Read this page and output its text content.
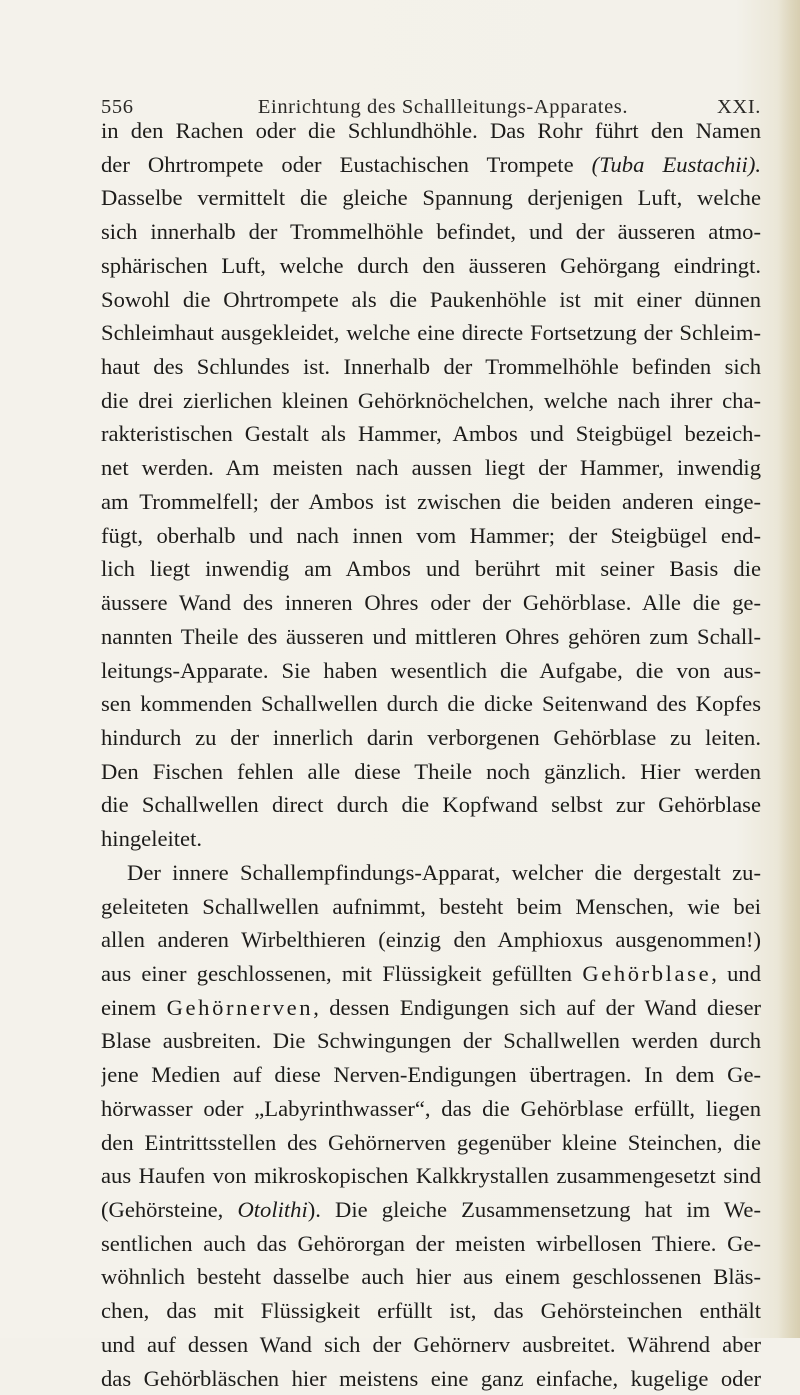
556	Einrichtung des Schallleitungs-Apparates.	XXI.
in den Rachen oder die Schlundhöhle. Das Rohr führt den Namen
der Ohrtrompete oder Eustachischen Trompete (Tuba Eustachii).
Dasselbe vermittelt die gleiche Spannung derjenigen Luft, welche
sich innerhalb der Trommelhöhle befindet, und der äusseren atmo-
sphärischen Luft, welche durch den äusseren Gehörgang eindringt.
Sowohl die Ohrtrompete als die Paukenhöhle ist mit einer dünnen
Schleimhaut ausgekleidet, welche eine directe Fortsetzung der Schleim-
haut des Schlundes ist. Innerhalb der Trommelhöhle befinden sich
die drei zierlichen kleinen Gehörknöchelchen, welche nach ihrer cha-
rakteristischen Gestalt als Hammer, Ambos und Steigbügel bezeich-
net werden. Am meisten nach aussen liegt der Hammer, inwendig
am Trommelfell; der Ambos ist zwischen die beiden anderen einge-
fügt, oberhalb und nach innen vom Hammer; der Steigbügel end-
lich liegt inwendig am Ambos und berührt mit seiner Basis die
äussere Wand des inneren Ohres oder der Gehörblase. Alle die ge-
nannten Theile des äusseren und mittleren Ohres gehören zum Schall-
leitungs-Apparate. Sie haben wesentlich die Aufgabe, die von aus-
sen kommenden Schallwellen durch die dicke Seitenwand des Kopfes
hindurch zu der innerlich darin verborgenen Gehörblase zu leiten.
Den Fischen fehlen alle diese Theile noch gänzlich. Hier werden
die Schallwellen direct durch die Kopfwand selbst zur Gehörblase
hingeleitet.
Der innere Schallempfindungs-Apparat, welcher die dergestalt zu-
geleiteten Schallwellen aufnimmt, besteht beim Menschen, wie bei
allen anderen Wirbelthieren (einzig den Amphioxus ausgenommen!)
aus einer geschlossenen, mit Flüssigkeit gefüllten Gehörblase, und
einem Gehörnerven, dessen Endigungen sich auf der Wand dieser
Blase ausbreiten. Die Schwingungen der Schallwellen werden durch
jene Medien auf diese Nerven-Endigungen übertragen. In dem Ge-
hörwasser oder „Labyrinthwasser“, das die Gehörblase erfüllt, liegen
den Eintrittsstellen des Gehörnerven gegenüber kleine Steinchen, die
aus Haufen von mikroskopischen Kalkkrystallen zusammengesetzt sind
(Gehörsteine, Otolithi). Die gleiche Zusammensetzung hat im We-
sentlichen auch das Gehörorgan der meisten wirbellosen Thiere. Ge-
wöhnlich besteht dasselbe auch hier aus einem geschlossenen Bläs-
chen, das mit Flüssigkeit erfüllt ist, das Gehörsteinchen enthält
und auf dessen Wand sich der Gehörnerv ausbreitet. Während aber
das Gehörbläschen hier meistens eine ganz einfache, kugelige oder
